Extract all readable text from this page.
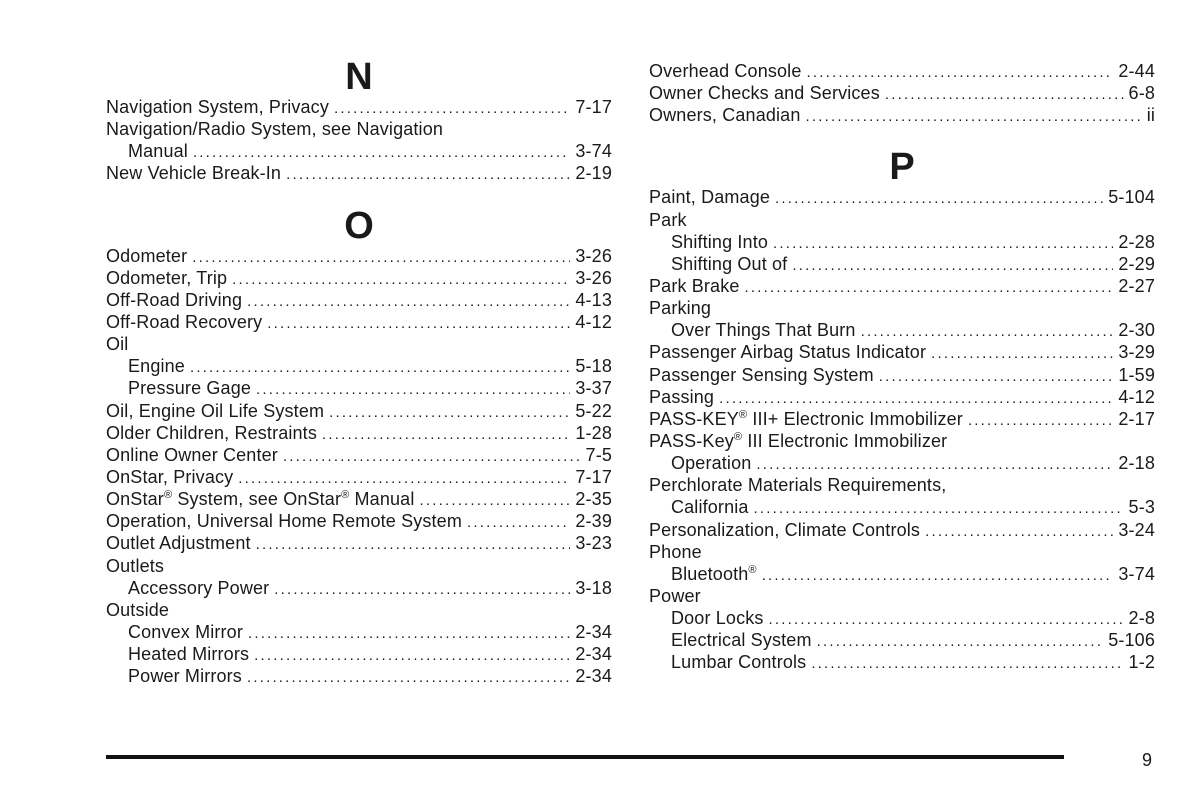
N
Navigation System, Privacy .....	7-17
Navigation/Radio System, see Navigation
Manual .....	3-74
New Vehicle Break-In .....	2-19
O
Odometer .....	3-26
Odometer, Trip .....	3-26
Off-Road Driving .....	4-13
Off-Road Recovery .....	4-12
Oil
Engine .....	5-18
Pressure Gage .....	3-37
Oil, Engine Oil Life System .....	5-22
Older Children, Restraints .....	1-28
Online Owner Center .....	7-5
OnStar, Privacy .....	7-17
OnStar® System, see OnStar® Manual .....	2-35
Operation, Universal Home Remote System .....	2-39
Outlet Adjustment .....	3-23
Outlets
Accessory Power .....	3-18
Outside
Convex Mirror .....	2-34
Heated Mirrors .....	2-34
Power Mirrors .....	2-34
Overhead Console .....	2-44
Owner Checks and Services .....	6-8
Owners, Canadian .....	ii
P
Paint, Damage .....	5-104
Park
Shifting Into .....	2-28
Shifting Out of .....	2-29
Park Brake .....	2-27
Parking
Over Things That Burn .....	2-30
Passenger Airbag Status Indicator .....	3-29
Passenger Sensing System .....	1-59
Passing .....	4-12
PASS-KEY® III+ Electronic Immobilizer .....	2-17
PASS-Key® III Electronic Immobilizer
Operation .....	2-18
Perchlorate Materials Requirements,
California .....	5-3
Personalization, Climate Controls .....	3-24
Phone
Bluetooth® .....	3-74
Power
Door Locks .....	2-8
Electrical System .....	5-106
Lumbar Controls .....	1-2
9
